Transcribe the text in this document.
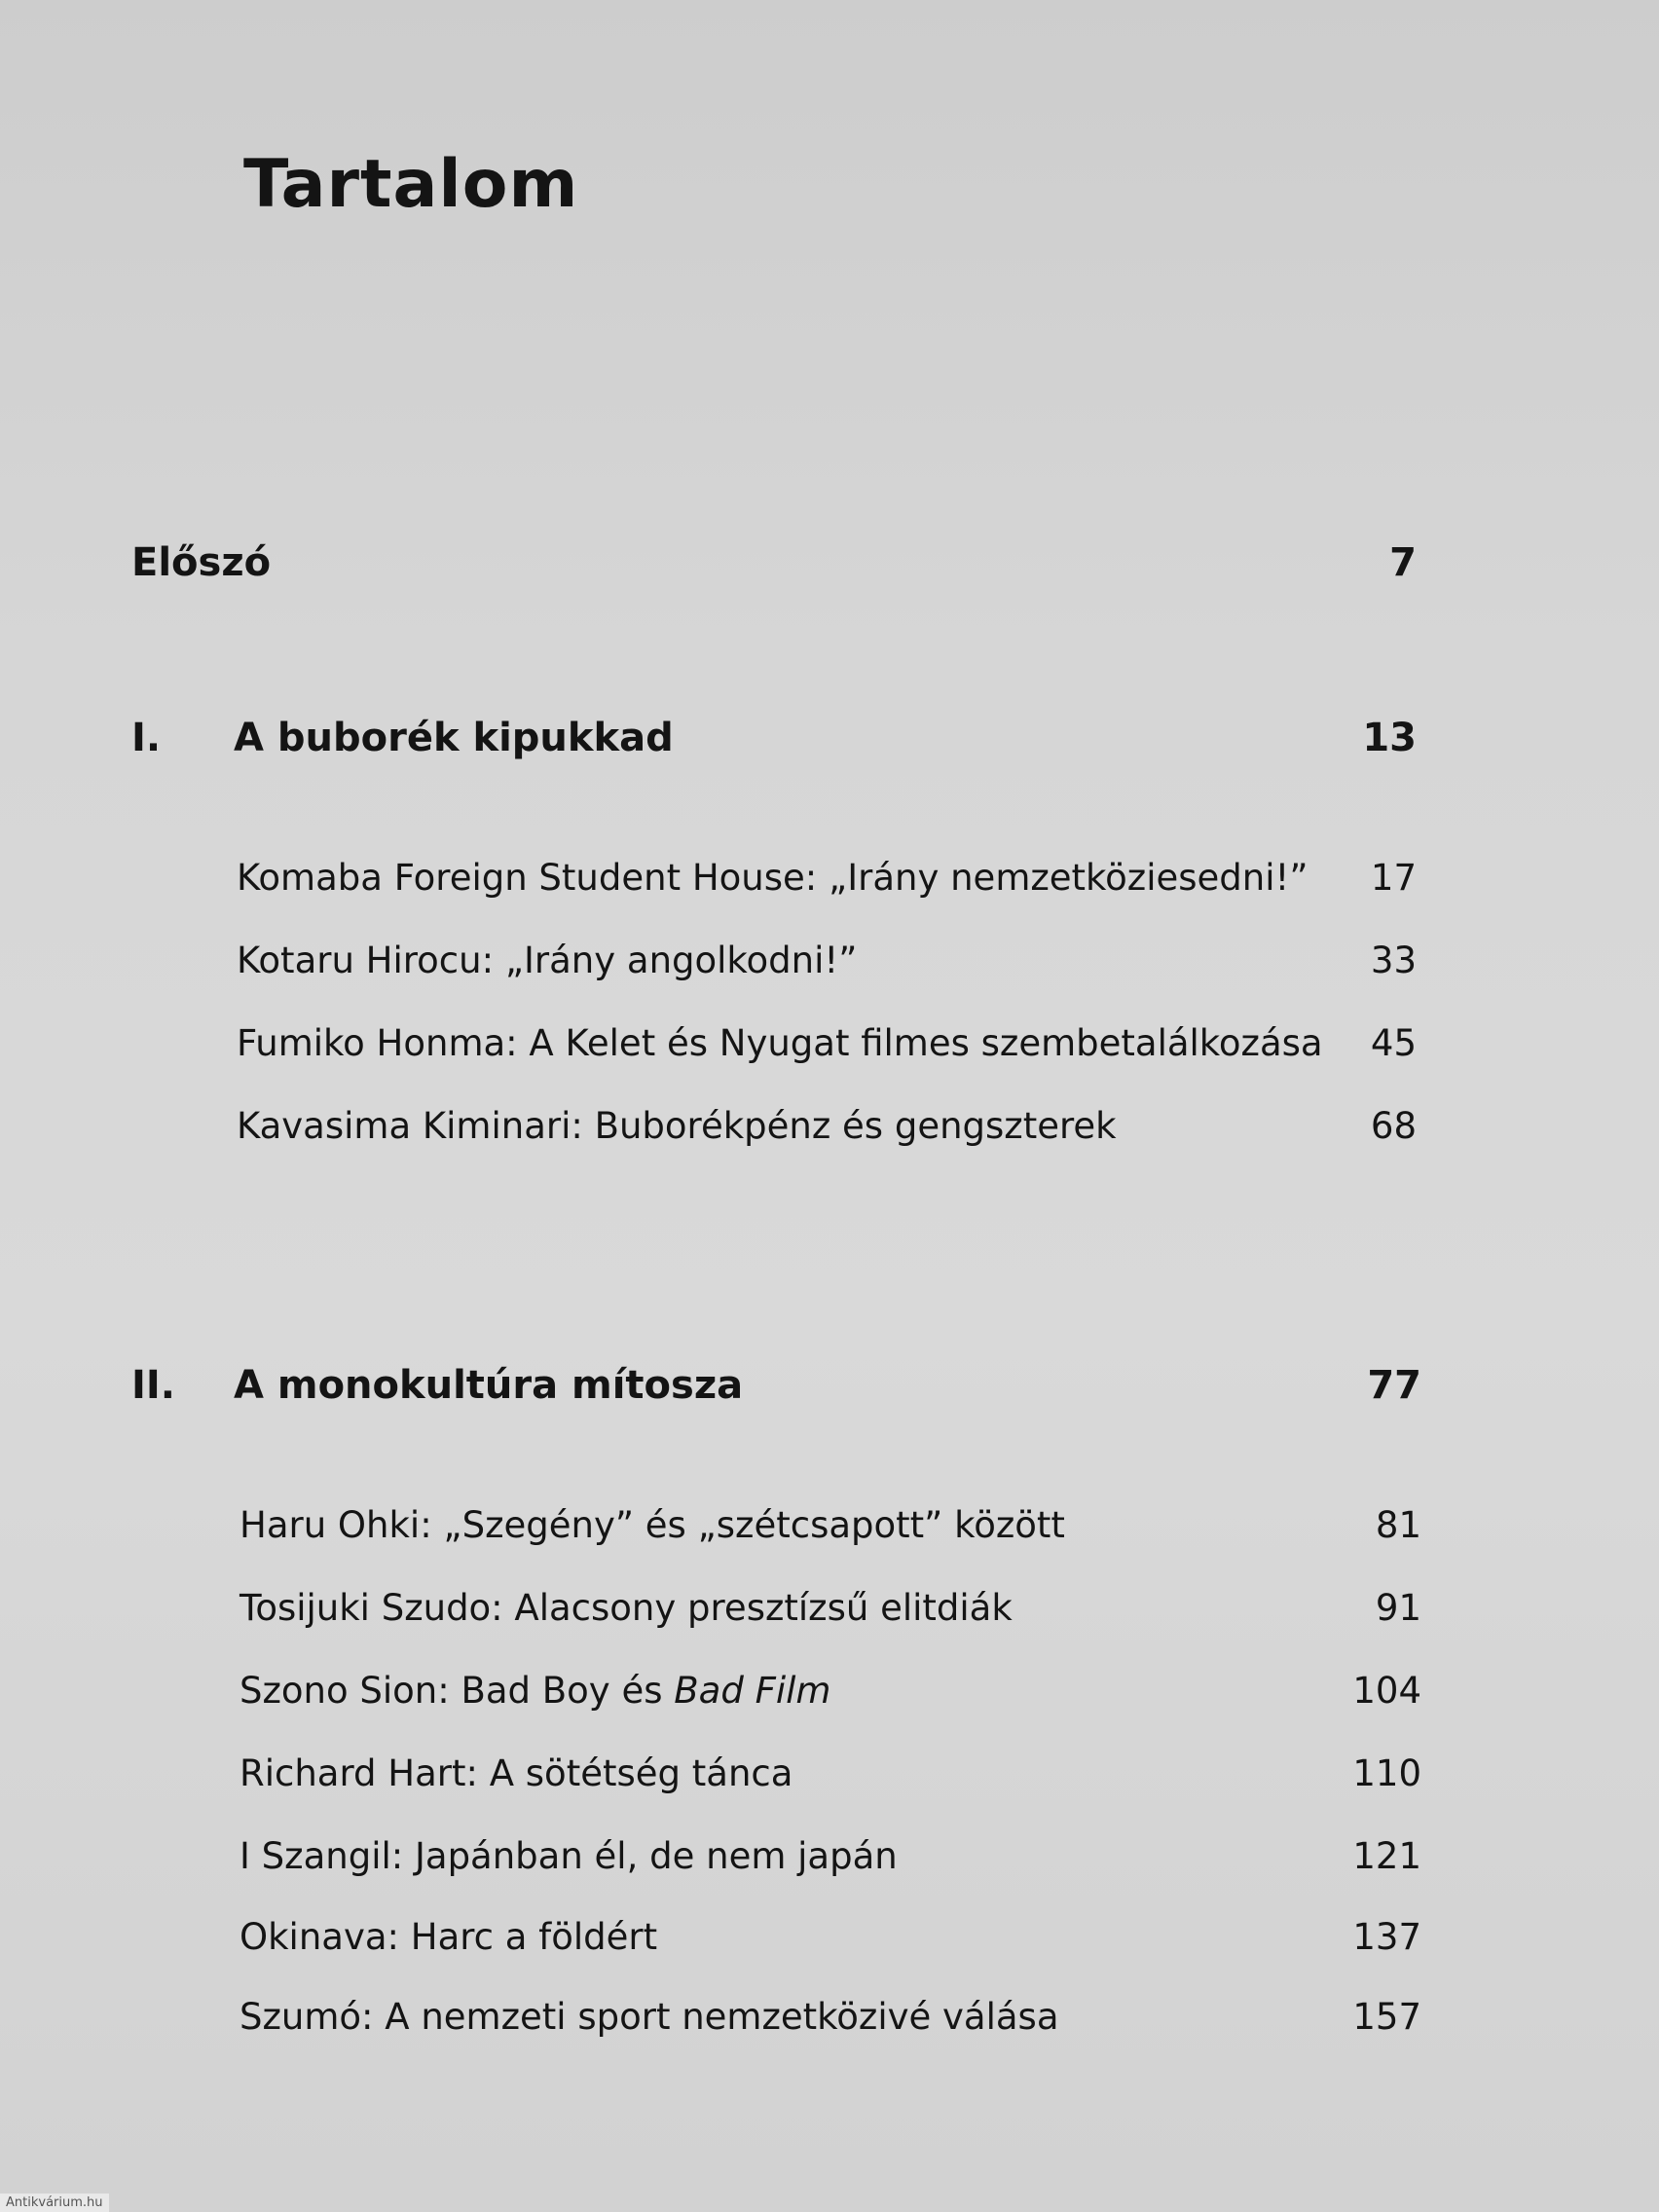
Tartalom
Előszó	7
I.	A buborék kipukkad	13
Komaba Foreign Student House: „Irány nemzetköziesedni!” 17
Kotaru Hirocu: „Irány angolkodni!”	33
Fumiko Honma: A Kelet és Nyugat filmes szembetalálkozása 45
Kavasima Kiminari: Buborékpénz és gengszterek	68
II.	A monokultúra mítosza	77
Haru Ohki: „Szegény” és „szétcsapott” között	81
Tosijuki Szudo: Alacsony presztízsű elitdiák	91
Szono Sion: Bad Boy és Bad Film	104
Richard Hart: A sötétség tánca	110
I Szangil: Japánban él, de nem japán	121
Okinava: Harc a földért	137
Szumó: A nemzeti sport nemzetközivé válása	157
Antikvárium.hu
